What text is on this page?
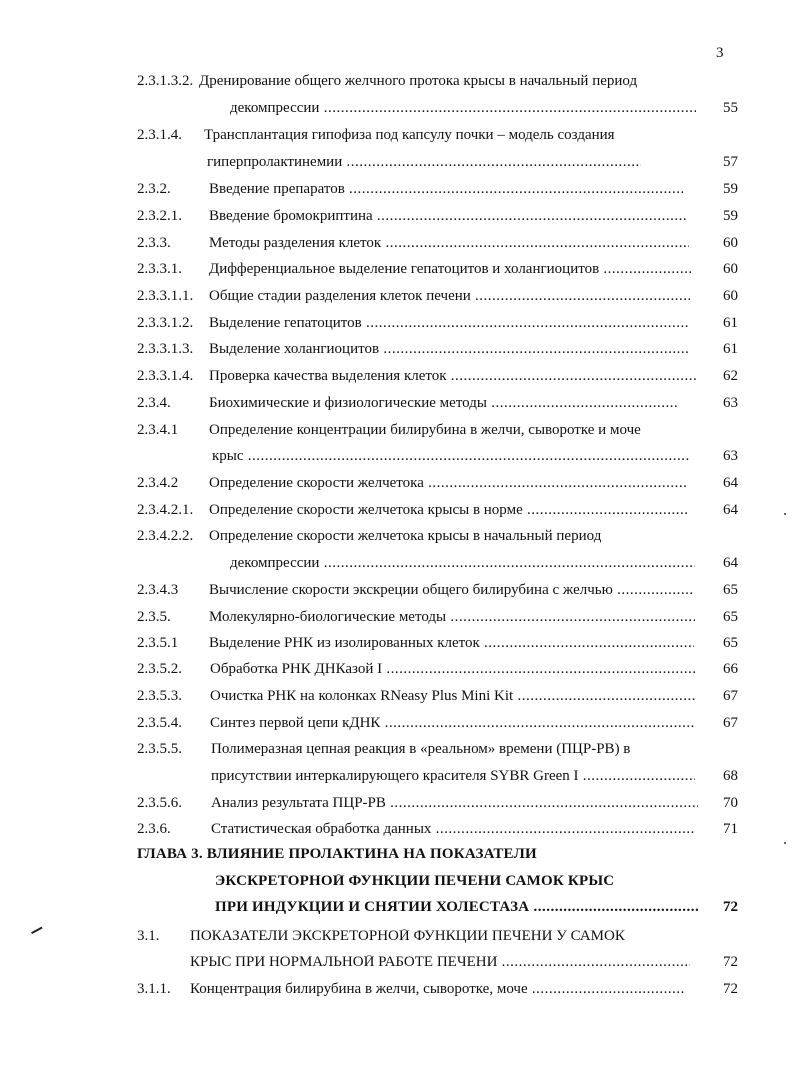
3
2.3.1.3.2. Дренирование общего желчного протока крысы в начальный период
декомпрессии .....	55
2.3.1.4. Трансплантация гипофиза под капсулу почки – модель создания
гиперпролактинемии .....	57
2.3.2.	Введение препаратов .....	59
2.3.2.1. Введение бромокриптина .....	59
2.3.3.	Методы разделения клеток .....	60
2.3.3.1. Дифференциальное выделение гепатоцитов и холангиоцитов .....	60
2.3.3.1.1. Общие стадии разделения клеток печени .....	60
2.3.3.1.2. Выделение гепатоцитов .....	61
2.3.3.1.3. Выделение холангиоцитов .....	61
2.3.3.1.4. Проверка качества выделения клеток .....	62
2.3.4.	Биохимические и физиологические методы .....	63
2.3.4.1 Определение концентрации билирубина в желчи, сыворотке и моче
крыс .....	63
2.3.4.2 Определение скорости желчетока .....	64
2.3.4.2.1. Определение скорости желчетока крысы в норме .....	64
2.3.4.2.2. Определение скорости желчетока крысы в начальный период
декомпрессии .....	64
2.3.4.3 Вычисление скорости экскреции общего билирубина с желчью .....	65
2.3.5.	Молекулярно-биологические методы .....	65
2.3.5.1 Выделение РНК из изолированных клеток .....	65
2.3.5.2. Обработка РНК ДНКазой I .....	66
2.3.5.3. Очистка РНК на колонках RNeasy Plus Mini Kit .....	67
2.3.5.4. Синтез первой цепи кДНК .....	67
2.3.5.5. Полимеразная цепная реакция в «реальном» времени (ПЦР-РВ) в
присутствии интеркалирующего красителя SYBR Green I .....	68
2.3.5.6. Анализ результата ПЦР-РВ .....	70
2.3.6.	Статистическая обработка данных .....	71
ГЛАВА 3. ВЛИЯНИЕ ПРОЛАКТИНА НА ПОКАЗАТЕЛИ
ЭКСКРЕТОРНОЙ ФУНКЦИИ ПЕЧЕНИ САМОК КРЫС
ПРИ ИНДУКЦИИ И СНЯТИИ ХОЛЕСТАЗА .....	72
3.1. ПОКАЗАТЕЛИ ЭКСКРЕТОРНОЙ ФУНКЦИИ ПЕЧЕНИ У САМОК
КРЫС ПРИ НОРМАЛЬНОЙ РАБОТЕ ПЕЧЕНИ .....	72
3.1.1. Концентрация билирубина в желчи, сыворотке, моче .....	72
